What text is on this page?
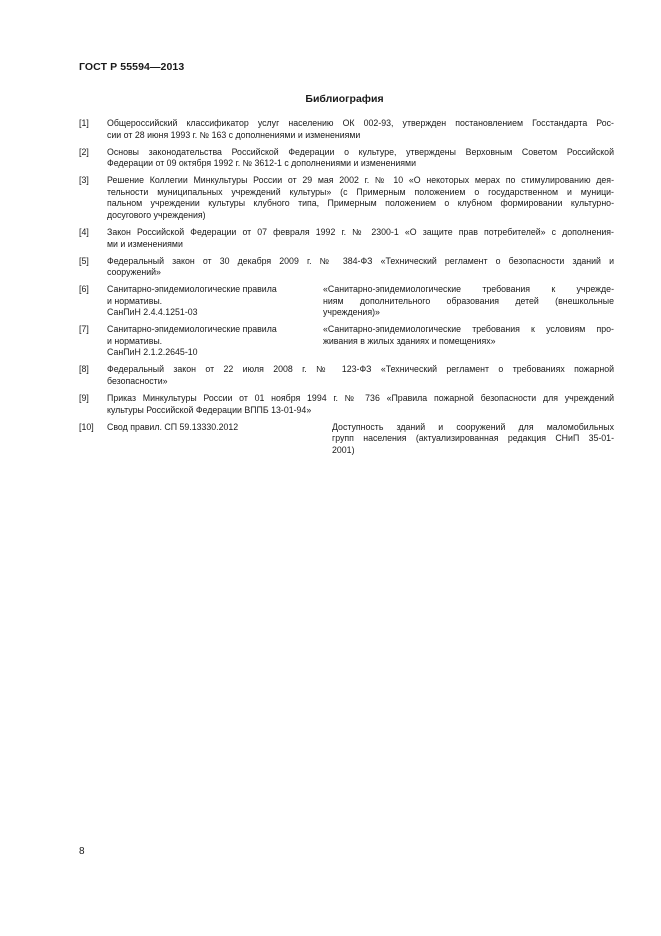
ГОСТ Р 55594—2013
Библиография
[1] Общероссийский классификатор услуг населению ОК 002-93, утвержден постановлением Госстандарта Рос-
сии от 28 июня 1993 г. № 163 с дополнениями и изменениями
[2] Основы законодательства Российской Федерации о культуре, утверждены Верховным Советом Российской
Федерации от 09 октября 1992 г. № 3612-1 с дополнениями и изменениями
[3] Решение Коллегии Минкультуры России от 29 мая 2002 г. № 10 «О некоторых мерах по стимулированию дея-
тельности муниципальных учреждений культуры» (с Примерным положением о государственном и муници-
пальном учреждении культуры клубного типа, Примерным положением о клубном формировании культурно-
досугового учреждения)
[4] Закон Российской Федерации от 07 февраля 1992 г. № 2300-1 «О защите прав потребителей» с дополнения-
ми и изменениями
[5] Федеральный закон от 30 декабря 2009 г. № 384-ФЗ «Технический регламент о безопасности зданий и
сооружений»
[6] Санитарно-эпидемиологические правила
и нормативы.
СанПиН 2.4.4.1251-03
«Санитарно-эпидемиологические требования к учрежде-
ниям дополнительного образования детей (внешкольные
учреждения)»
[7] Санитарно-эпидемиологические правила
и нормативы.
СанПиН 2.1.2.2645-10
«Санитарно-эпидемиологические требования к условиям про-
живания в жилых зданиях и помещениях»
[8] Федеральный закон от 22 июля 2008 г. № 123-ФЗ «Технический регламент о требованиях пожарной
безопасности»
[9] Приказ Минкультуры России от 01 ноября 1994 г. № 736 «Правила пожарной безопасности для учреждений
культуры Российской Федерации ВППБ 13-01-94»
[10] Свод правил. СП 59.13330.2012	Доступность зданий и сооружений для маломобильных
групп населения (актуализированная редакция СНиП 35-01-
2001)
8
